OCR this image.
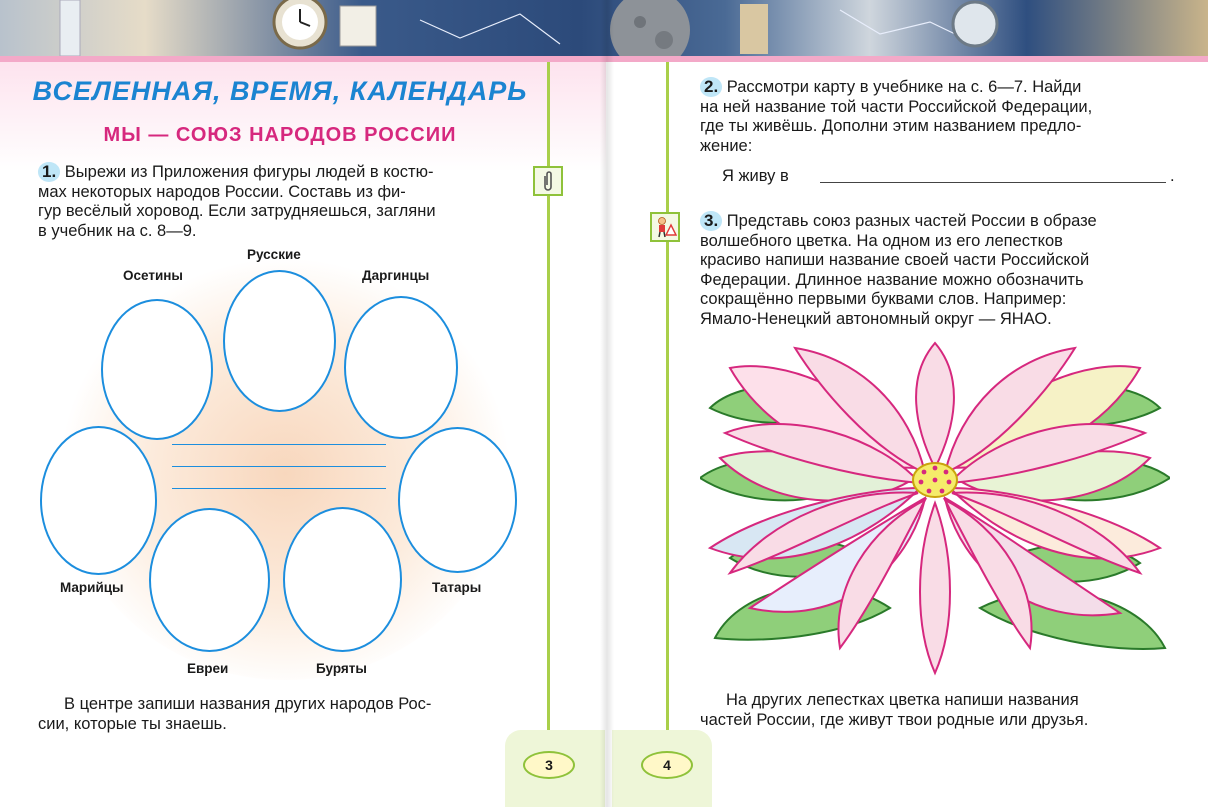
ВСЕЛЕННАЯ, ВРЕМЯ, КАЛЕНДАРЬ
МЫ — СОЮЗ НАРОДОВ РОССИИ
1. Вырежи из Приложения фигуры людей в костю-
мах некоторых народов России. Составь из фи-
гур весёлый хоровод. Если затрудняешься, загляни
в учебник на с. 8—9.
Русские
Осетины	Даргинцы
Марийцы	Татары
Евреи	Буряты
В центре запиши названия других народов Рос-
сии, которые ты знаешь.
3
2. Рассмотри карту в учебнике на с. 6—7. Найди
на ней название той части Российской Федерации,
где ты живёшь. Дополни этим названием предло-
жение:
Я живу в	.
3. Представь союз разных частей России в образе
волшебного цветка. На одном из его лепестков
красиво напиши название своей части Российской
Федерации. Длинное название можно обозначить
сокращённо первыми буквами слов. Например:
Ямало-Ненецкий автономный округ — ЯНАО.
На других лепестках цветка напиши названия
частей России, где живут твои родные или друзья.
4
